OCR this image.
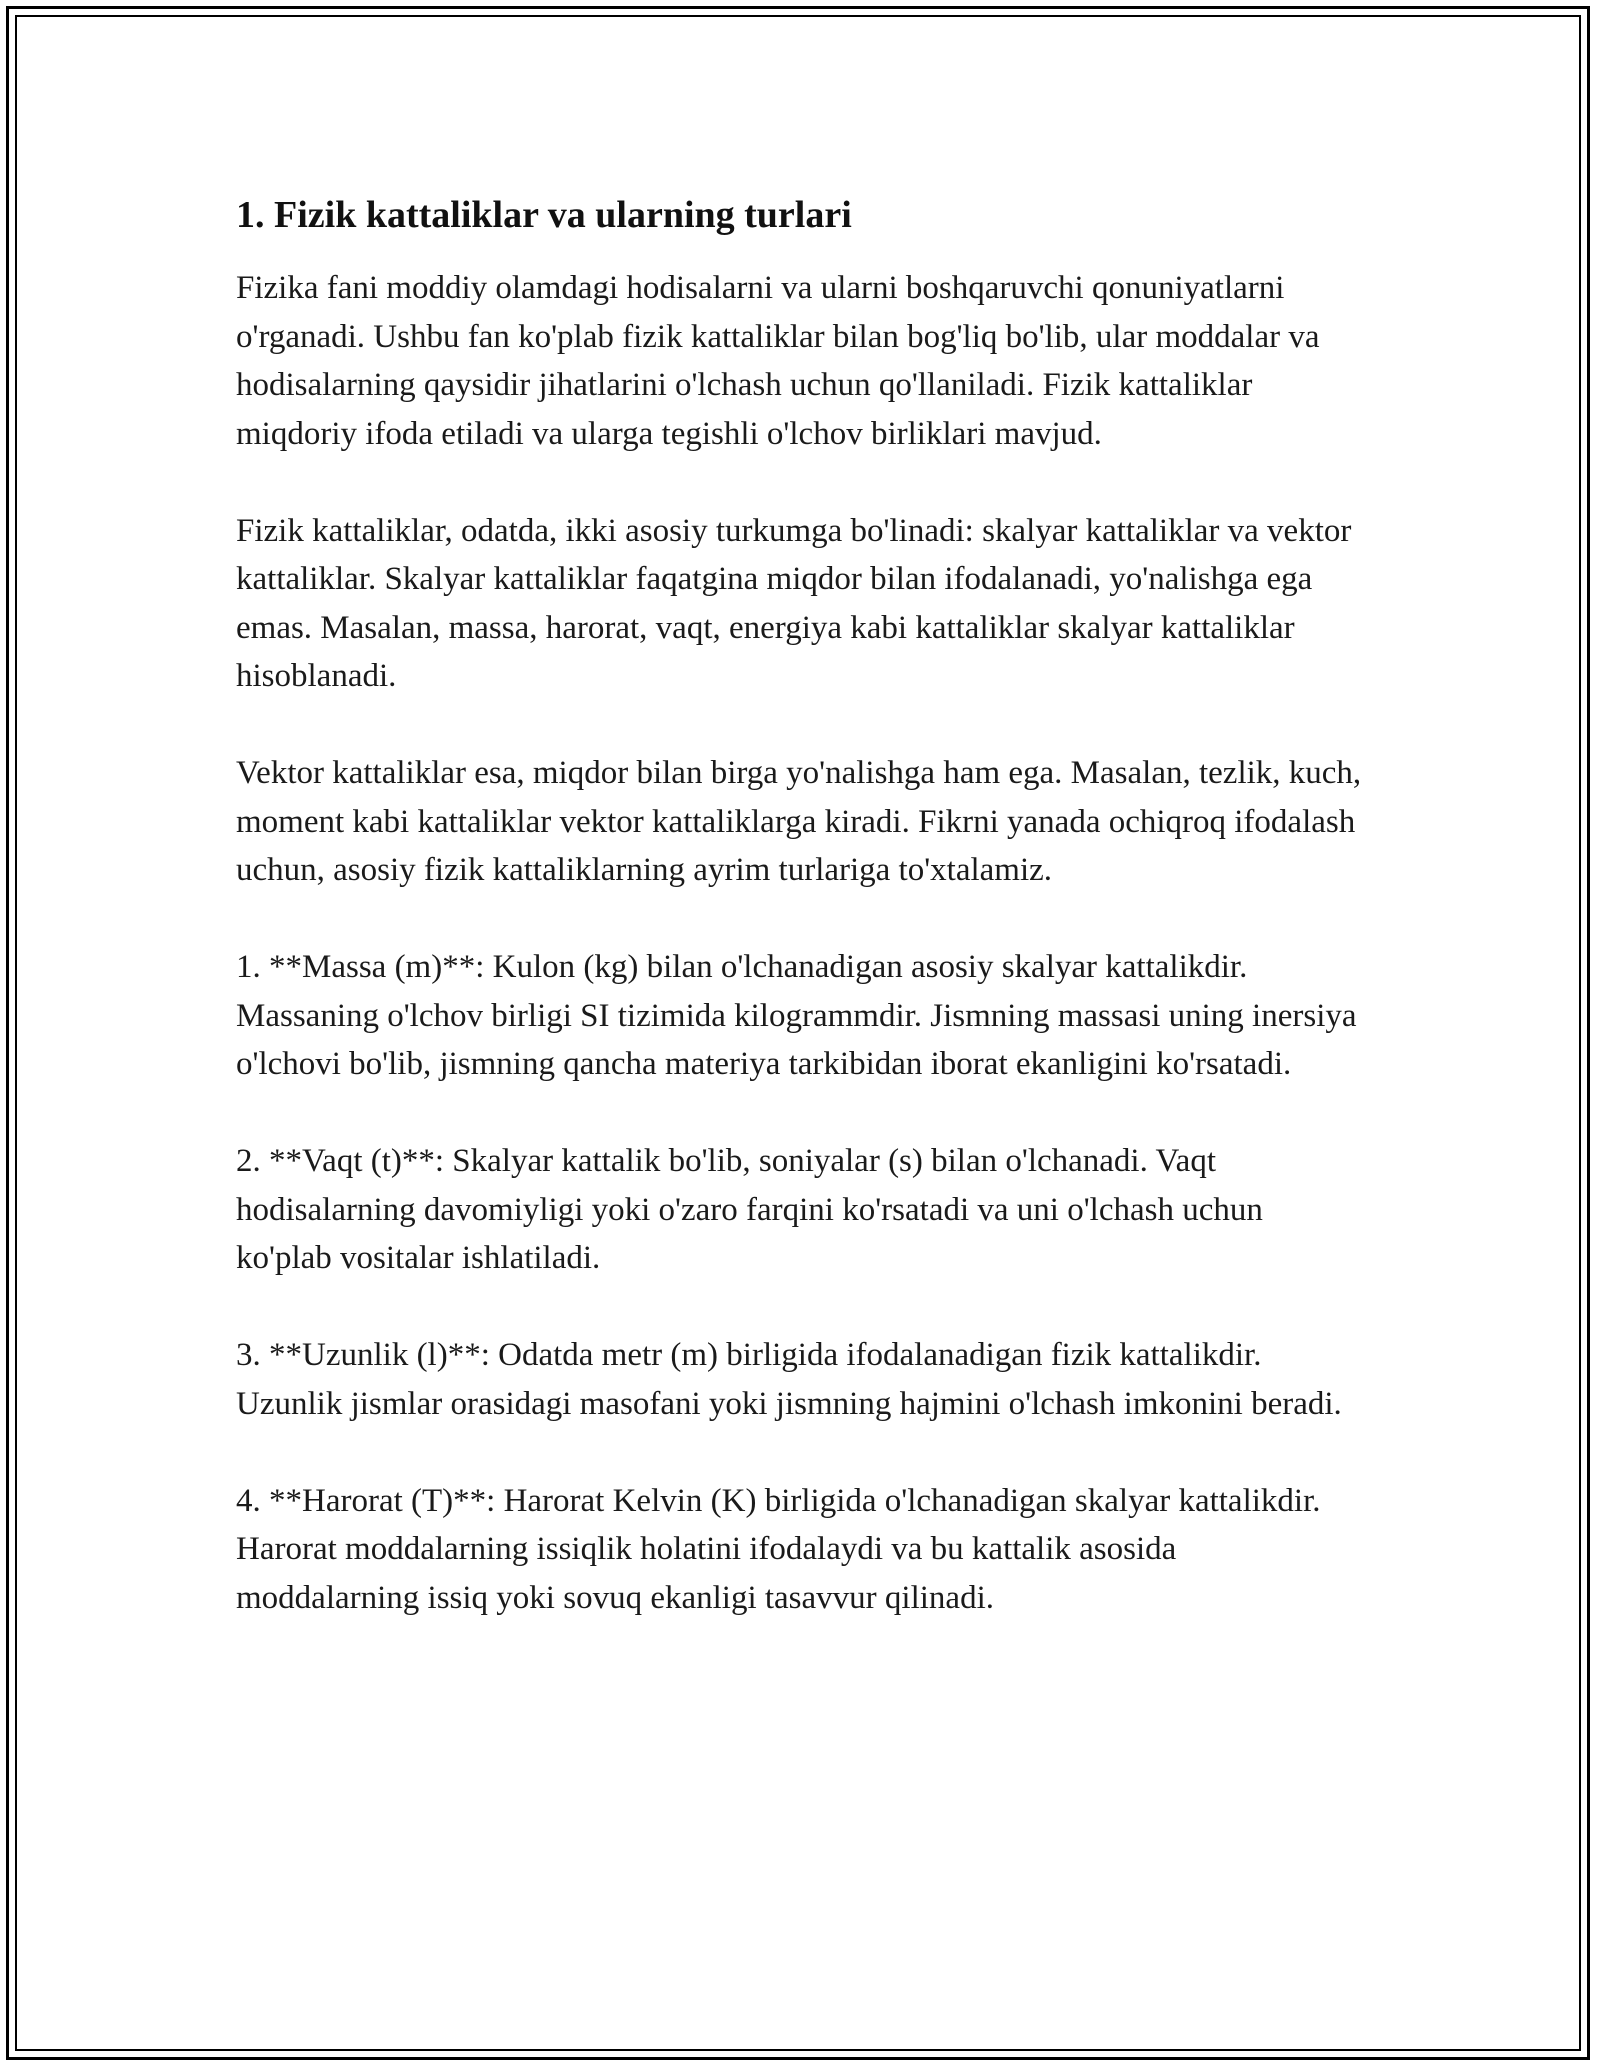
1. Fizik kattaliklar va ularning turlari

Fizika fani moddiy olamdagi hodisalarni va ularni boshqaruvchi qonuniyatlarni o'rganadi. Ushbu fan ko'plab fizik kattaliklar bilan bog'liq bo'lib, ular moddalar va hodisalarning qaysidir jihatlarini o'lchash uchun qo'llaniladi. Fizik kattaliklar miqdoriy ifoda etiladi va ularga tegishli o'lchov birliklari mavjud.

Fizik kattaliklar, odatda, ikki asosiy turkumga bo'linadi: skalyar kattaliklar va vektor kattaliklar. Skalyar kattaliklar faqatgina miqdor bilan ifodalanadi, yo'nalishga ega emas. Masalan, massa, harorat, vaqt, energiya kabi kattaliklar skalyar kattaliklar hisoblanadi.

Vektor kattaliklar esa, miqdor bilan birga yo'nalishga ham ega. Masalan, tezlik, kuch, moment kabi kattaliklar vektor kattaliklarga kiradi. Fikrni yanada ochiqroq ifodalash uchun, asosiy fizik kattaliklarning ayrim turlariga to'xtalamiz.

1. **Massa (m)**: Kulon (kg) bilan o'lchanadigan asosiy skalyar kattalikdir. Massaning o'lchov birligi SI tizimida kilogrammdir. Jismning massasi uning inersiya o'lchovi bo'lib, jismning qancha materiya tarkibidan iborat ekanligini ko'rsatadi.

2. **Vaqt (t)**: Skalyar kattalik bo'lib, soniyalar (s) bilan o'lchanadi. Vaqt hodisalarning davomiyligi yoki o'zaro farqini ko'rsatadi va uni o'lchash uchun ko'plab vositalar ishlatiladi.

3. **Uzunlik (l)**: Odatda metr (m) birligida ifodalanadigan fizik kattalikdir. Uzunlik jismlar orasidagi masofani yoki jismning hajmini o'lchash imkonini beradi.

4. **Harorat (T)**: Harorat Kelvin (K) birligida o'lchanadigan skalyar kattalikdir. Harorat moddalarning issiqlik holatini ifodalaydi va bu kattalik asosida moddalarning issiq yoki sovuq ekanligi tasavvur qilinadi.
